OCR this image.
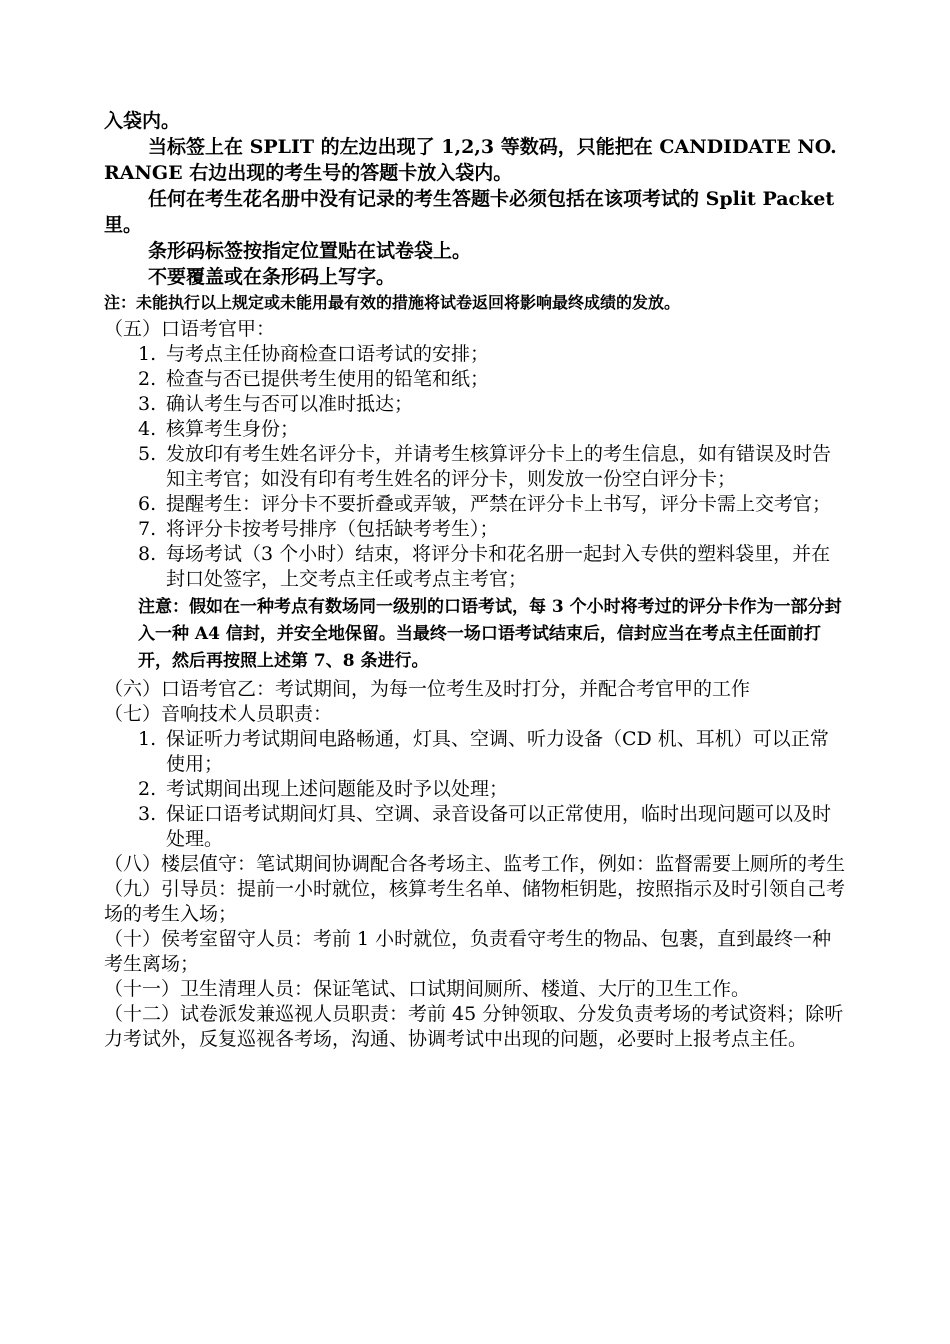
入袋内。

当标签上在 SPLIT 的左边出现了 1,2,3 等数码，只能把在 CANDIDATE NO. RANGE 右边出现的考生号的答题卡放入袋内。

任何在考生花名册中没有记录的考生答题卡必须包括在该项考试的 Split Packet 里。

条形码标签按指定位置贴在试卷袋上。

不要覆盖或在条形码上写字。

注：未能执行以上规定或未能用最有效的措施将试卷返回将影响最终成绩的发放。

（五）口语考官甲：

1. 与考点主任协商检查口语考试的安排；

2. 检查与否已提供考生使用的铅笔和纸；

3. 确认考生与否可以准时抵达；

4. 核算考生身份；

5. 发放印有考生姓名评分卡，并请考生核算评分卡上的考生信息，如有错误及时告知主考官；如没有印有考生姓名的评分卡，则发放一份空白评分卡；

6. 提醒考生：评分卡不要折叠或弄皱，严禁在评分卡上书写，评分卡需上交考官；

7. 将评分卡按考号排序（包括缺考考生）；

8. 每场考试（3 个小时）结束，将评分卡和花名册一起封入专供的塑料袋里，并在封口处签字，上交考点主任或考点主考官；

注意：假如在一种考点有数场同一级别的口语考试，每 3 个小时将考过的评分卡作为一部分封入一种 A4 信封，并安全地保留。当最终一场口语考试结束后，信封应当在考点主任面前打开，然后再按照上述第 7、8 条进行。

（六）口语考官乙：考试期间，为每一位考生及时打分，并配合考官甲的工作

（七）音响技术人员职责：

1. 保证听力考试期间电路畅通，灯具、空调、听力设备（CD 机、耳机）可以正常使用；

2. 考试期间出现上述问题能及时予以处理；

3. 保证口语考试期间灯具、空调、录音设备可以正常使用，临时出现问题可以及时处理。

（八）楼层值守：笔试期间协调配合各考场主、监考工作，例如：监督需要上厕所的考生

（九）引导员：提前一小时就位，核算考生名单、储物柜钥匙，按照指示及时引领自己考场的考生入场；

（十）侯考室留守人员：考前 1 小时就位，负责看守考生的物品、包裹，直到最终一种考生离场；

（十一）卫生清理人员：保证笔试、口试期间厕所、楼道、大厅的卫生工作。

（十二）试卷派发兼巡视人员职责：考前 45 分钟领取、分发负责考场的考试资料；除听力考试外，反复巡视各考场，沟通、协调考试中出现的问题，必要时上报考点主任。
